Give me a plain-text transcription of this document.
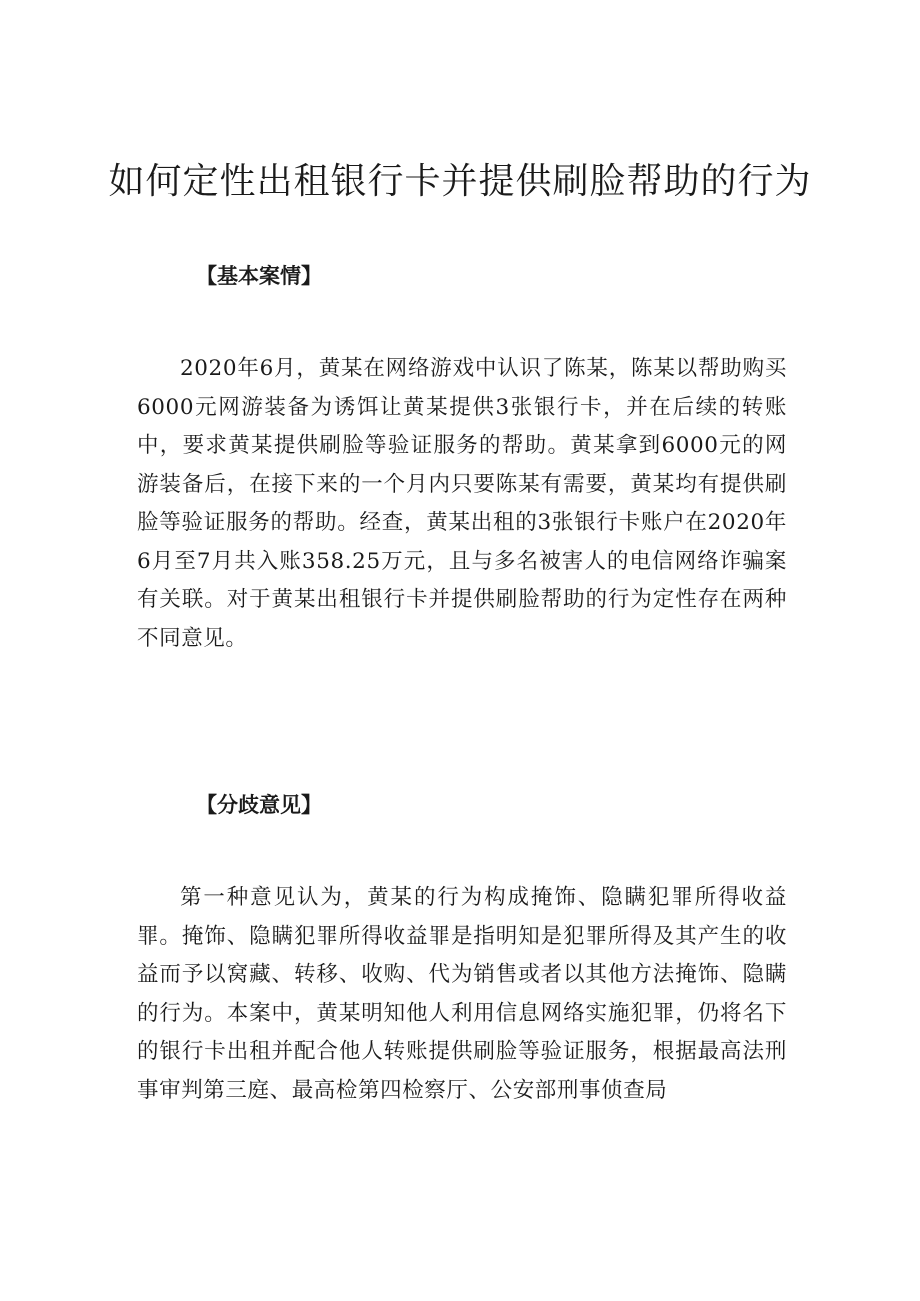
如何定性出租银行卡并提供刷脸帮助的行为
【基本案情】

2020年6月，黄某在网络游戏中认识了陈某，陈某以帮助购买6000元网游装备为诱饵让黄某提供3张银行卡，并在后续的转账中，要求黄某提供刷脸等验证服务的帮助。黄某拿到6000元的网游装备后，在接下来的一个月内只要陈某有需要，黄某均有提供刷脸等验证服务的帮助。经查，黄某出租的3张银行卡账户在2020年6月至7月共入账358.25万元，且与多名被害人的电信网络诈骗案有关联。对于黄某出租银行卡并提供刷脸帮助的行为定性存在两种不同意见。

【分歧意见】

第一种意见认为，黄某的行为构成掩饰、隐瞒犯罪所得收益罪。掩饰、隐瞒犯罪所得收益罪是指明知是犯罪所得及其产生的收益而予以窝藏、转移、收购、代为销售或者以其他方法掩饰、隐瞒的行为。本案中，黄某明知他人利用信息网络实施犯罪，仍将名下的银行卡出租并配合他人转账提供刷脸等验证服务，根据最高法刑事审判第三庭、最高检第四检察厅、公安部刑事侦查局
